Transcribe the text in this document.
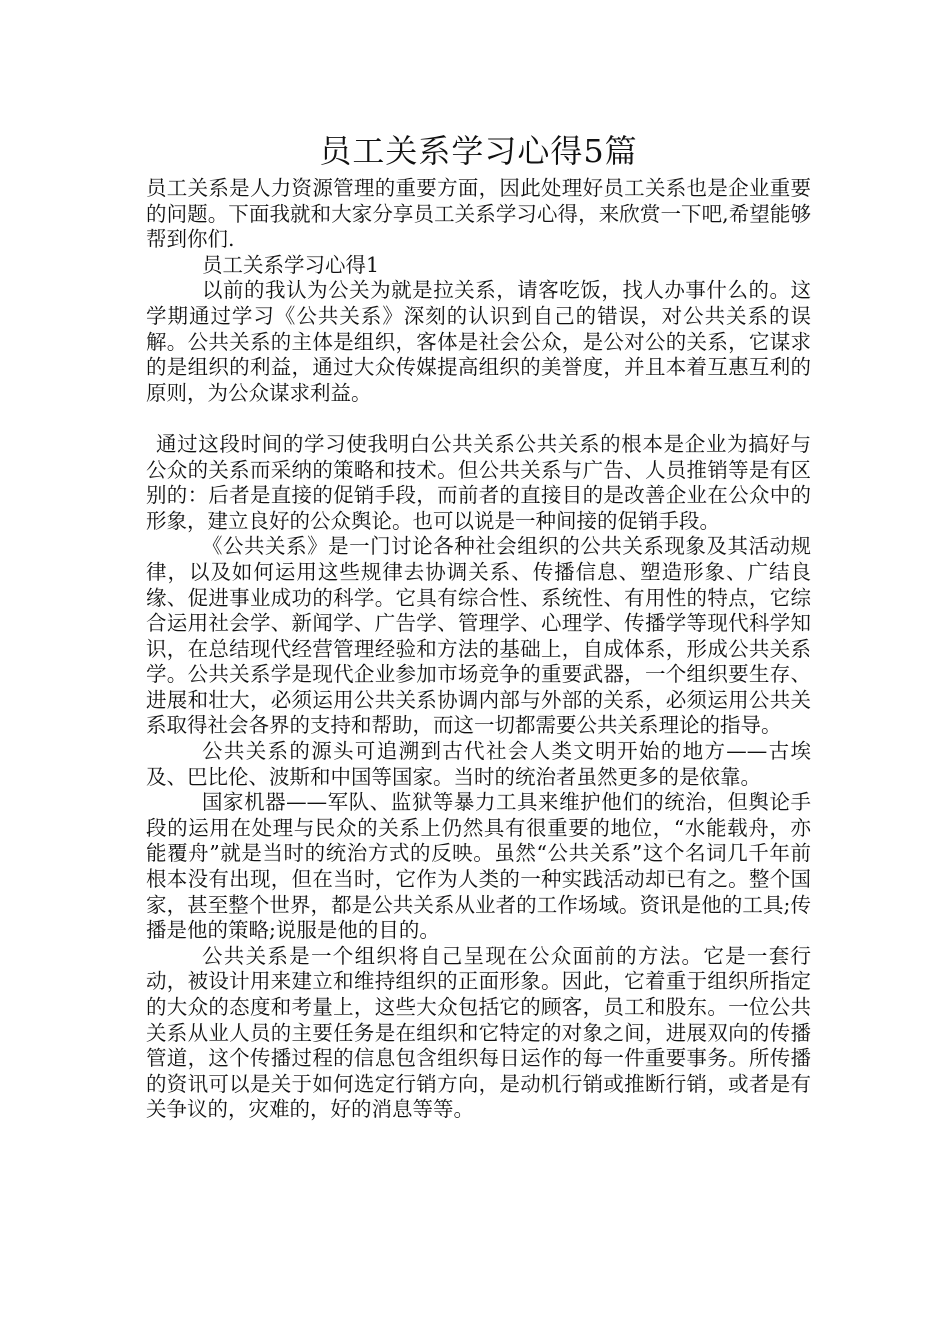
员工关系学习心得5篇

员工关系是人力资源管理的重要方面，因此处理好员工关系也是企业重要的问题。下面我就和大家分享员工关系学习心得，来欣赏一下吧,希望能够帮到你们.

员工关系学习心得1

以前的我认为公关为就是拉关系，请客吃饭，找人办事什么的。这学期通过学习《公共关系》深刻的认识到自己的错误，对公共关系的误解。公共关系的主体是组织，客体是社会公众，是公对公的关系，它谋求的是组织的利益，通过大众传媒提高组织的美誉度，并且本着互惠互利的原则，为公众谋求利益。

通过这段时间的学习使我明白公共关系公共关系的根本是企业为搞好与公众的关系而采纳的策略和技术。但公共关系与广告、人员推销等是有区别的：后者是直接的促销手段，而前者的直接目的是改善企业在公众中的形象，建立良好的公众舆论。也可以说是一种间接的促销手段。

《公共关系》是一门讨论各种社会组织的公共关系现象及其活动规律，以及如何运用这些规律去协调关系、传播信息、塑造形象、广结良缘、促进事业成功的科学。它具有综合性、系统性、有用性的特点，它综合运用社会学、新闻学、广告学、管理学、心理学、传播学等现代科学知识，在总结现代经营管理经验和方法的基础上，自成体系，形成公共关系学。公共关系学是现代企业参加市场竞争的重要武器，一个组织要生存、进展和壮大，必须运用公共关系协调内部与外部的关系，必须运用公共关系取得社会各界的支持和帮助，而这一切都需要公共关系理论的指导。

公共关系的源头可追溯到古代社会人类文明开始的地方——古埃及、巴比伦、波斯和中国等国家。当时的统治者虽然更多的是依靠。

国家机器——军队、监狱等暴力工具来维护他们的统治，但舆论手段的运用在处理与民众的关系上仍然具有很重要的地位，“水能载舟，亦能覆舟”就是当时的统治方式的反映。虽然“公共关系”这个名词几千年前根本没有出现，但在当时，它作为人类的一种实践活动却已有之。整个国家，甚至整个世界，都是公共关系从业者的工作场域。资讯是他的工具;传播是他的策略;说服是他的目的。

公共关系是一个组织将自己呈现在公众面前的方法。它是一套行动，被设计用来建立和维持组织的正面形象。因此，它着重于组织所指定的大众的态度和考量上，这些大众包括它的顾客，员工和股东。一位公共关系从业人员的主要任务是在组织和它特定的对象之间，进展双向的传播管道，这个传播过程的信息包含组织每日运作的每一件重要事务。所传播的资讯可以是关于如何选定行销方向，是动机行销或推断行销，或者是有关争议的，灾难的，好的消息等等。
